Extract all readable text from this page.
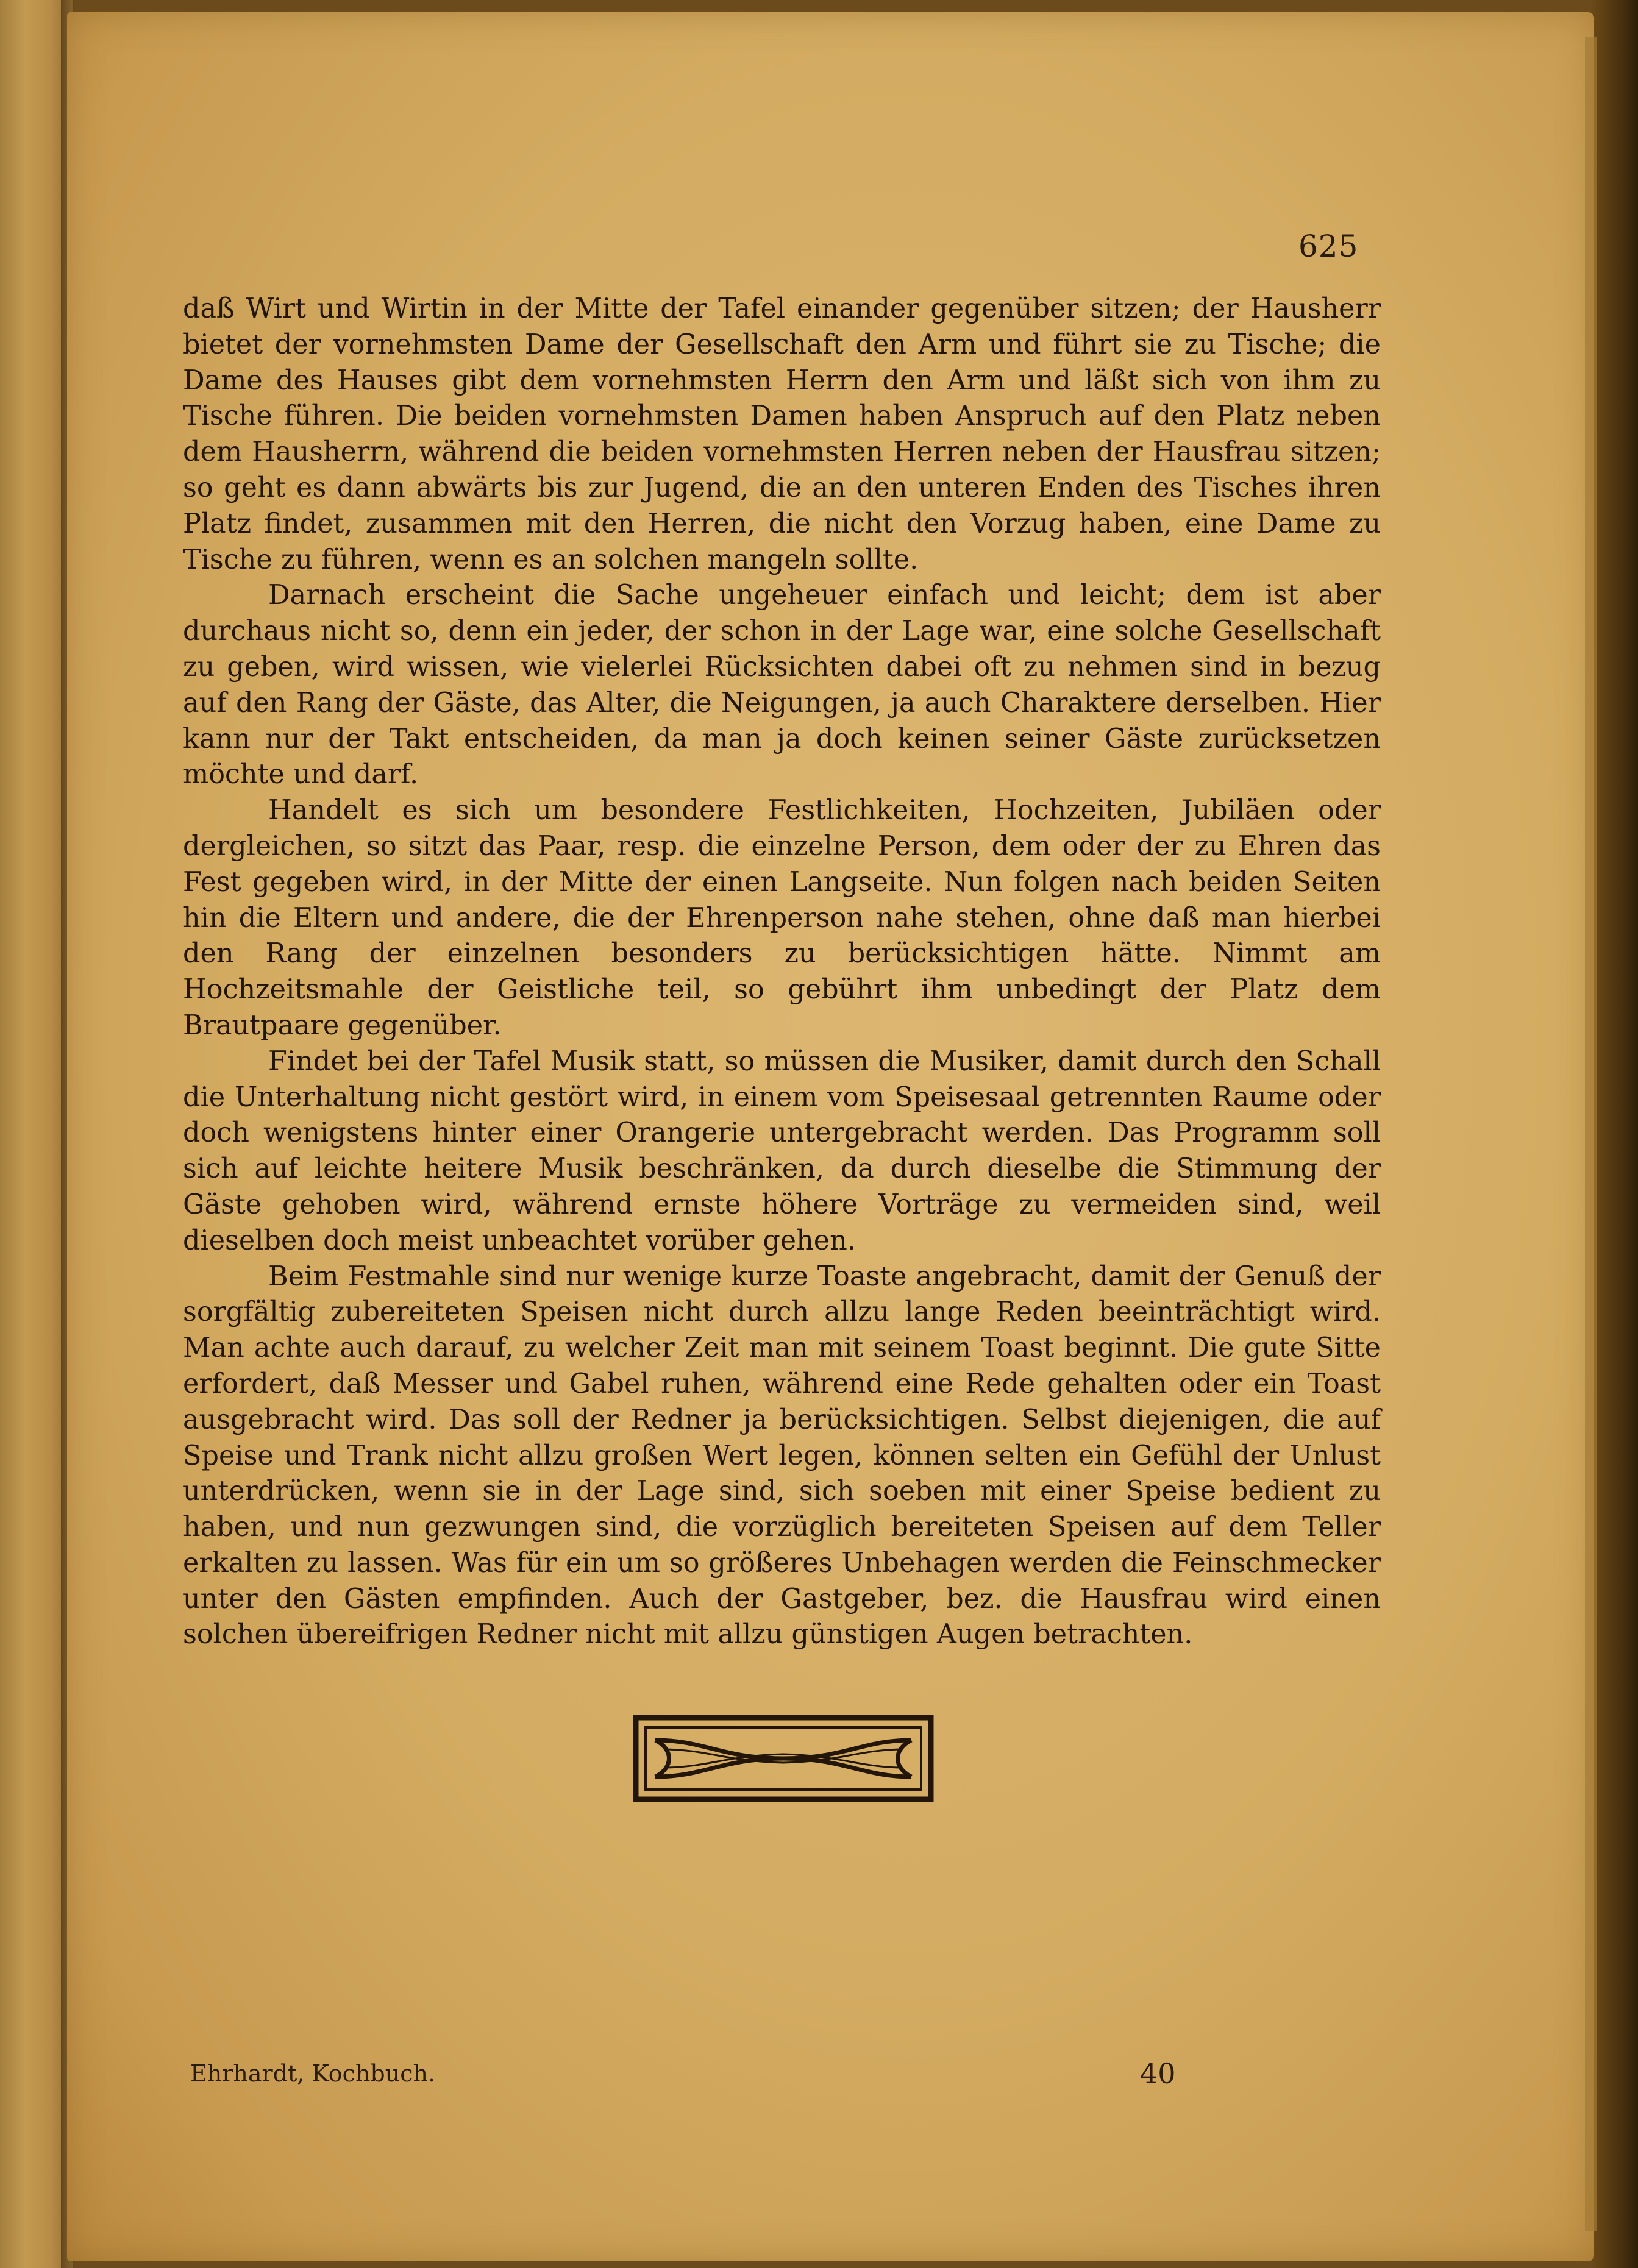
625

daß Wirt und Wirtin in der Mitte der Tafel einander gegenüber sitzen; der Hausherr bietet der vornehmsten Dame der Gesellschaft den Arm und führt sie zu Tische; die Dame des Hauses gibt dem vornehmsten Herrn den Arm und läßt sich von ihm zu Tische führen. Die beiden vornehmsten Damen haben Anspruch auf den Platz neben dem Hausherrn, während die beiden vornehmsten Herren neben der Hausfrau sitzen; so geht es dann abwärts bis zur Jugend, die an den unteren Enden des Tisches ihren Platz findet, zusammen mit den Herren, die nicht den Vorzug haben, eine Dame zu Tische zu führen, wenn es an solchen mangeln sollte.

Darnach erscheint die Sache ungeheuer einfach und leicht; dem ist aber durchaus nicht so, denn ein jeder, der schon in der Lage war, eine solche Gesellschaft zu geben, wird wissen, wie vielerlei Rücksichten dabei oft zu nehmen sind in bezug auf den Rang der Gäste, das Alter, die Neigungen, ja auch Charaktere derselben. Hier kann nur der Takt entscheiden, da man ja doch keinen seiner Gäste zurücksetzen möchte und darf.

Handelt es sich um besondere Festlichkeiten, Hochzeiten, Jubiläen oder dergleichen, so sitzt das Paar, resp. die einzelne Person, dem oder der zu Ehren das Fest gegeben wird, in der Mitte der einen Langseite. Nun folgen nach beiden Seiten hin die Eltern und andere, die der Ehrenperson nahe stehen, ohne daß man hierbei den Rang der einzelnen besonders zu berücksichtigen hätte. Nimmt am Hochzeitsmahle der Geistliche teil, so gebührt ihm unbedingt der Platz dem Brautpaare gegenüber.

Findet bei der Tafel Musik statt, so müssen die Musiker, damit durch den Schall die Unterhaltung nicht gestört wird, in einem vom Speisesaal getrennten Raume oder doch wenigstens hinter einer Orangerie untergebracht werden. Das Programm soll sich auf leichte heitere Musik beschränken, da durch dieselbe die Stimmung der Gäste gehoben wird, während ernste höhere Vorträge zu vermeiden sind, weil dieselben doch meist unbeachtet vorüber gehen.

Beim Festmahle sind nur wenige kurze Toaste angebracht, damit der Genuß der sorgfältig zubereiteten Speisen nicht durch allzu lange Reden beeinträchtigt wird. Man achte auch darauf, zu welcher Zeit man mit seinem Toast beginnt. Die gute Sitte erfordert, daß Messer und Gabel ruhen, während eine Rede gehalten oder ein Toast ausgebracht wird. Das soll der Redner ja berücksichtigen. Selbst diejenigen, die auf Speise und Trank nicht allzu großen Wert legen, können selten ein Gefühl der Unlust unterdrücken, wenn sie in der Lage sind, sich soeben mit einer Speise bedient zu haben, und nun gezwungen sind, die vorzüglich bereiteten Speisen auf dem Teller erkalten zu lassen. Was für ein um so größeres Unbehagen werden die Feinschmecker unter den Gästen empfinden. Auch der Gastgeber, bez. die Hausfrau wird einen solchen übereifrigen Redner nicht mit allzu günstigen Augen betrachten.

Ehrhardt, Kochbuch.	40
